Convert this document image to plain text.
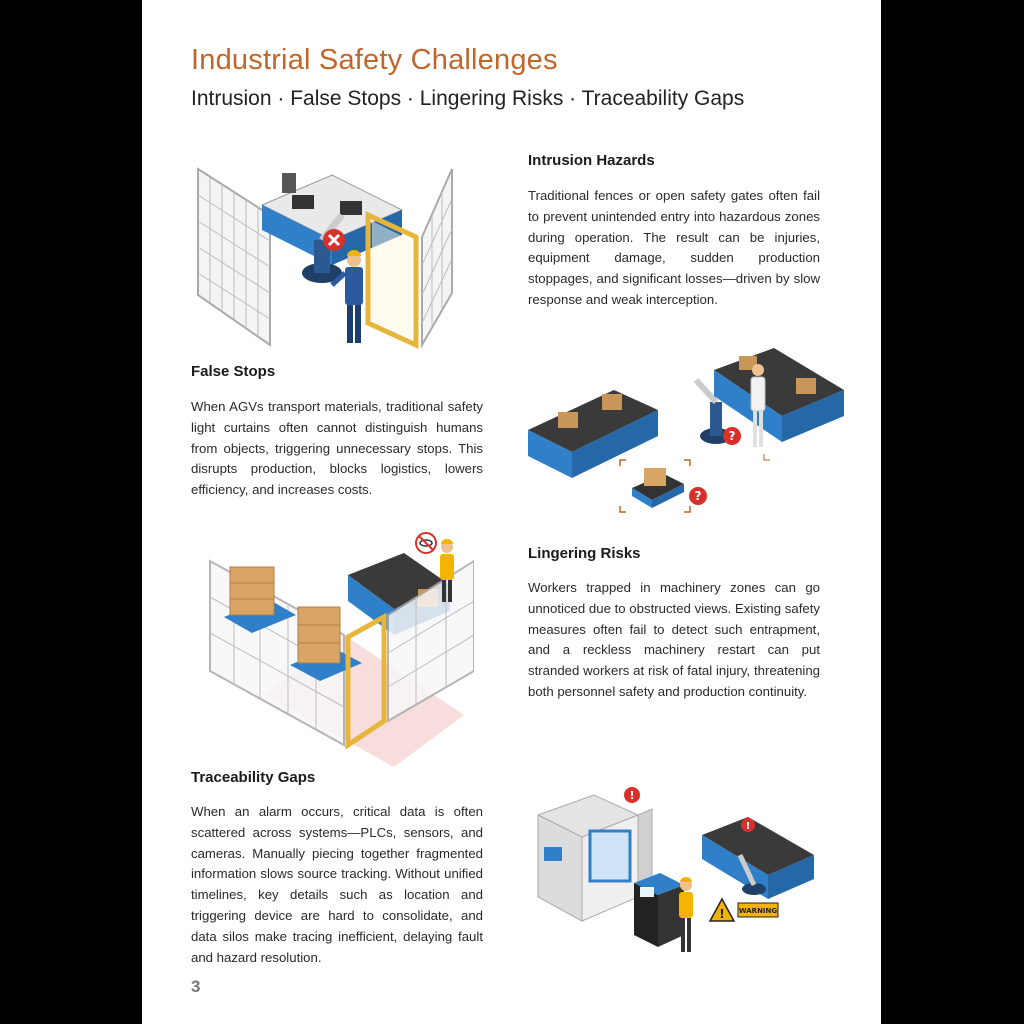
Industrial Safety Challenges
Intrusion · False Stops · Lingering Risks · Traceability Gaps
Intrusion Hazards

Traditional fences or open safety gates often fail to prevent unintended entry into hazardous zones during operation. The result can be injuries, equipment damage, sudden production stoppages, and significant losses—driven by slow response and weak interception.

False Stops

When AGVs transport materials, traditional safety light curtains often cannot distinguish humans from objects, triggering unnecessary stops. This disrupts production, blocks logistics, lowers efficiency, and increases costs.

?
?
Lingering Risks

Workers trapped in machinery zones can go unnoticed due to obstructed views. Existing safety measures often fail to detect such entrapment, and a reckless machinery restart can put stranded workers at risk of fatal injury, threatening both personnel safety and production continuity.

Traceability Gaps

When an alarm occurs, critical data is often scattered across systems—PLCs, sensors, and cameras. Manually piecing together fragmented information slows source tracking. Without unified timelines, key details such as location and triggering device are hard to consolidate, and data silos make tracing inefficient, delaying fault and hazard resolution.

!
!
! WARNING
3
